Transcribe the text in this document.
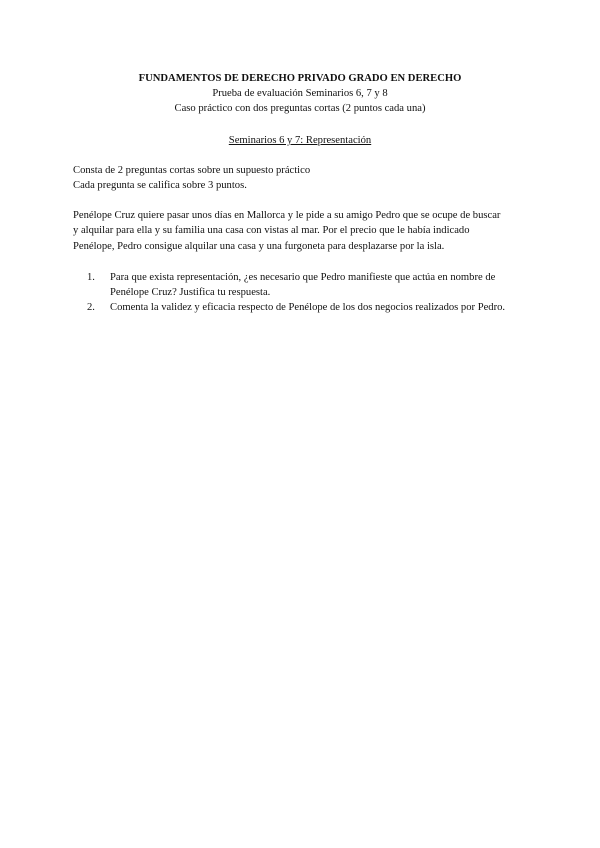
FUNDAMENTOS DE DERECHO PRIVADO GRADO EN DERECHO
Prueba de evaluación Seminarios 6, 7 y 8
Caso práctico con dos preguntas cortas (2 puntos cada una)
Seminarios 6 y 7: Representación
Consta de 2 preguntas cortas sobre un supuesto práctico
Cada pregunta se califica sobre 3 puntos.
Penélope Cruz quiere pasar unos días en Mallorca y le pide a su amigo Pedro que se ocupe de buscar
y alquilar para ella y su familia una casa con vistas al mar. Por el precio que le había indicado
Penélope, Pedro consigue alquilar una casa y una furgoneta para desplazarse por la isla.
1. Para que exista representación, ¿es necesario que Pedro manifieste que actúa en nombre de
Penélope Cruz? Justifica tu respuesta.
2. Comenta la validez y eficacia respecto de Penélope de los dos negocios realizados por Pedro.
